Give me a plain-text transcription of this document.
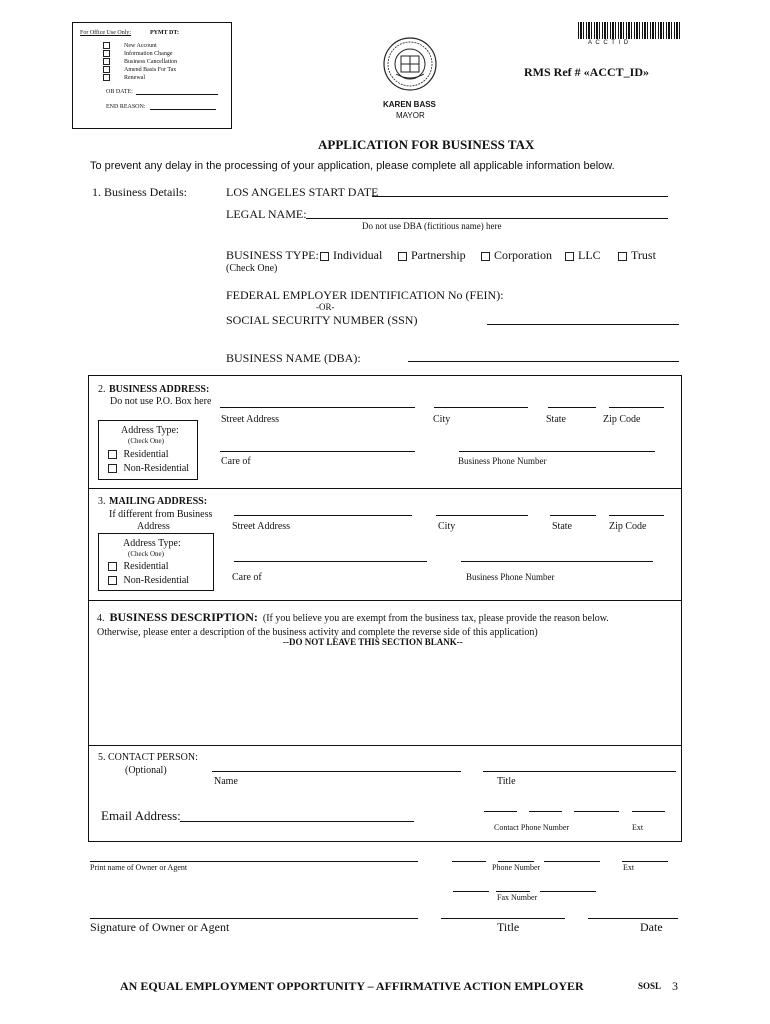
For Office Use Only:	PYMT DT:
New Account
Information Change
Business Cancellation
Amend Basis For Tax
Renewal
OB DATE:
END REASON:
A C C T I D
KAREN BASS
MAYOR
RMS Ref # «ACCT_ID»
APPLICATION FOR BUSINESS TAX
To prevent any delay in the processing of your application, please complete all applicable information below.
1. Business Details:	LOS ANGELES START DATE
LEGAL NAME:
Do not use DBA (fictitious name) here
BUSINESS TYPE:	Individual	Partnership	Corporation	LLC	Trust
(Check One)
FEDERAL EMPLOYER IDENTIFICATION No (FEIN):
-OR-
SOCIAL SECURITY NUMBER (SSN)
BUSINESS NAME (DBA):
2. BUSINESS ADDRESS:
Do not use P.O. Box here
Address Type:
(Check One)
Residential
Non-Residential
Street Address	City	State	Zip Code
Care of	Business Phone Number
3. MAILING ADDRESS:
If different from Business
Address
Address Type:
(Check One)
Residential
Non-Residential
Street Address	City	State	Zip Code
Care of	Business Phone Number
4. BUSINESS DESCRIPTION: (If you believe you are exempt from the business tax, please provide the reason below.
Otherwise, please enter a description of the business activity and complete the reverse side of this application)
--DO NOT LEAVE THIS SECTION BLANK--
5. CONTACT PERSON:
(Optional)
Name	Title
Email Address:
Contact Phone Number	Ext
Print name of Owner or Agent	Phone Number	Ext
Fax Number
Signature of Owner or Agent	Title	Date
AN EQUAL EMPLOYMENT OPPORTUNITY – AFFIRMATIVE ACTION EMPLOYER	SOSL 3
